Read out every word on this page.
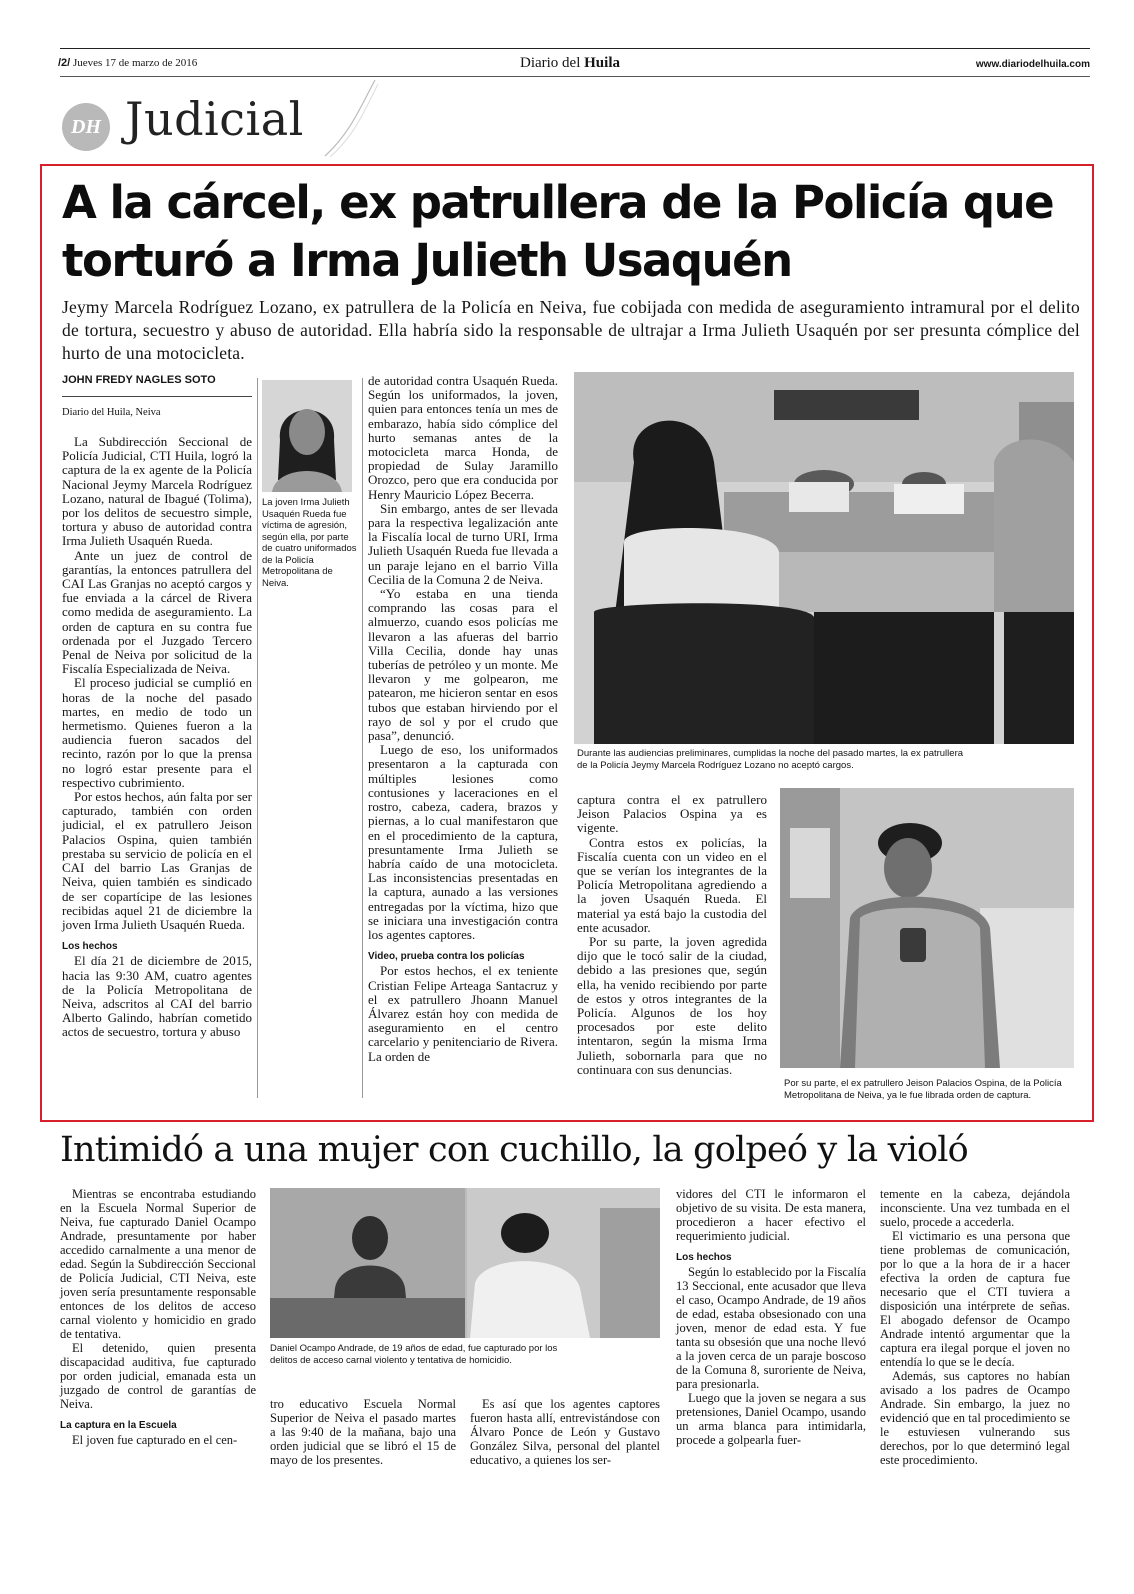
/2/ Jueves 17 de marzo de 2016	Diario del Huila	www.diariodelhuila.com
DH Judicial
A la cárcel, ex patrullera de la Policía que torturó a Irma Julieth Usaquén
Jeymy Marcela Rodríguez Lozano, ex patrullera de la Policía en Neiva, fue cobijada con medida de aseguramiento intramural por el delito de tortura, secuestro y abuso de autoridad. Ella habría sido la responsable de ultrajar a Irma Julieth Usaquén por ser presunta cómplice del hurto de una motocicleta.
JOHN FREDY NAGLES SOTO
Diario del Huila, Neiva

La Subdirección Seccional de Policía Judicial, CTI Huila, logró la captura de la ex agente de la Policía Nacional Jeymy Marcela Rodríguez Lozano, natural de Ibagué (Tolima), por los delitos de secuestro simple, tortura y abuso de autoridad contra Irma Julieth Usaquén Rueda.

Ante un juez de control de garantías, la entonces patrullera del CAI Las Granjas no aceptó cargos y fue enviada a la cárcel de Rivera como medida de aseguramiento. La orden de captura en su contra fue ordenada por el Juzgado Tercero Penal de Neiva por solicitud de la Fiscalía Especializada de Neiva.

El proceso judicial se cumplió en horas de la noche del pasado martes, en medio de todo un hermetismo. Quienes fueron a la audiencia fueron sacados del recinto, razón por lo que la prensa no logró estar presente para el respectivo cubrimiento.

Por estos hechos, aún falta por ser capturado, también con orden judicial, el ex patrullero Jeison Palacios Ospina, quien también prestaba su servicio de policía en el CAI del barrio Las Granjas de Neiva, quien también es sindicado de ser copartícipe de las lesiones recibidas aquel 21 de diciembre la joven Irma Julieth Usaquén Rueda.

Los hechos

El día 21 de diciembre de 2015, hacia las 9:30 AM, cuatro agentes de la Policía Metropolitana de Neiva, adscritos al CAI del barrio Alberto Galindo, habrían cometido actos de secuestro, tortura y abuso

La joven Irma Julieth Usaquén Rueda fue víctima de agresión, según ella, por parte de cuatro uniformados de la Policía Metropolitana de Neiva.

de autoridad contra Usaquén Rueda. Según los uniformados, la joven, quien para entonces tenía un mes de embarazo, había sido cómplice del hurto semanas antes de la motocicleta marca Honda, de propiedad de Sulay Jaramillo Orozco, pero que era conducida por Henry Mauricio López Becerra.

Sin embargo, antes de ser llevada para la respectiva legalización ante la Fiscalía local de turno URI, Irma Julieth Usaquén Rueda fue llevada a un paraje lejano en el barrio Villa Cecilia de la Comuna 2 de Neiva.

“Yo estaba en una tienda comprando las cosas para el almuerzo, cuando esos policías me llevaron a las afueras del barrio Villa Cecilia, donde hay unas tuberías de petróleo y un monte. Me llevaron y me golpearon, me patearon, me hicieron sentar en esos tubos que estaban hirviendo por el rayo de sol y por el crudo que pasa”, denunció.

Luego de eso, los uniformados presentaron a la capturada con múltiples lesiones como contusiones y laceraciones en el rostro, cabeza, cadera, brazos y piernas, a lo cual manifestaron que en el procedimiento de la captura, presuntamente Irma Julieth se habría caído de una motocicleta. Las inconsistencias presentadas en la captura, aunado a las versiones entregadas por la víctima, hizo que se iniciara una investigación contra los agentes captores.

Video, prueba contra los policías

Por estos hechos, el ex teniente Cristian Felipe Arteaga Santacruz y el ex patrullero Jhoann Manuel Álvarez están hoy con medida de aseguramiento en el centro carcelario y penitenciario de Rivera. La orden de

Durante las audiencias preliminares, cumplidas la noche del pasado martes, la ex patrullera de la Policía Jeymy Marcela Rodríguez Lozano no aceptó cargos.

captura contra el ex patrullero Jeison Palacios Ospina ya es vigente.

Contra estos ex policías, la Fiscalía cuenta con un video en el que se verían los integrantes de la Policía Metropolitana agrediendo a la joven Usaquén Rueda. El material ya está bajo la custodia del ente acusador.

Por su parte, la joven agredida dijo que le tocó salir de la ciudad, debido a las presiones que, según ella, ha venido recibiendo por parte de estos y otros integrantes de la Policía. Algunos de los hoy procesados por este delito intentaron, según la misma Irma Julieth, sobornarla para que no continuara con sus denuncias.

Por su parte, el ex patrullero Jeison Palacios Ospina, de la Policía Metropolitana de Neiva, ya le fue librada orden de captura.
Intimidó a una mujer con cuchillo, la golpeó y la violó

Mientras se encontraba estudiando en la Escuela Normal Superior de Neiva, fue capturado Daniel Ocampo Andrade, presuntamente por haber accedido carnalmente a una menor de edad. Según la Subdirección Seccional de Policía Judicial, CTI Neiva, este joven sería presuntamente responsable entonces de los delitos de acceso carnal violento y homicidio en grado de tentativa.

El detenido, quien presenta discapacidad auditiva, fue capturado por orden judicial, emanada esta un juzgado de control de garantías de Neiva.

La captura en la Escuela

El joven fue capturado en el cen-

Daniel Ocampo Andrade, de 19 años de edad, fue capturado por los delitos de acceso carnal violento y tentativa de homicidio.

tro educativo Escuela Normal Superior de Neiva el pasado martes a las 9:40 de la mañana, bajo una orden judicial que se libró el 15 de mayo de los presentes.

Es así que los agentes captores fueron hasta allí, entrevistándose con Álvaro Ponce de León y Gustavo González Silva, personal del plantel educativo, a quienes los ser-

vidores del CTI le informaron el objetivo de su visita. De esta manera, procedieron a hacer efectivo el requerimiento judicial.

Los hechos

Según lo establecido por la Fiscalía 13 Seccional, ente acusador que lleva el caso, Ocampo Andrade, de 19 años de edad, estaba obsesionado con una joven, menor de edad esta. Y fue tanta su obsesión que una noche llevó a la joven cerca de un paraje boscoso de la Comuna 8, suroriente de Neiva, para presionarla.

Luego que la joven se negara a sus pretensiones, Daniel Ocampo, usando un arma blanca para intimidarla, procede a golpearla fuer-

temente en la cabeza, dejándola inconsciente. Una vez tumbada en el suelo, procede a accederla.

El victimario es una persona que tiene problemas de comunicación, por lo que a la hora de ir a hacer efectiva la orden de captura fue necesario que el CTI tuviera a disposición una intérprete de señas. El abogado defensor de Ocampo Andrade intentó argumentar que la captura era ilegal porque el joven no entendía lo que se le decía.

Además, sus captores no habían avisado a los padres de Ocampo Andrade. Sin embargo, la juez no evidenció que en tal procedimiento se le estuviesen vulnerando sus derechos, por lo que determinó legal este procedimiento.
